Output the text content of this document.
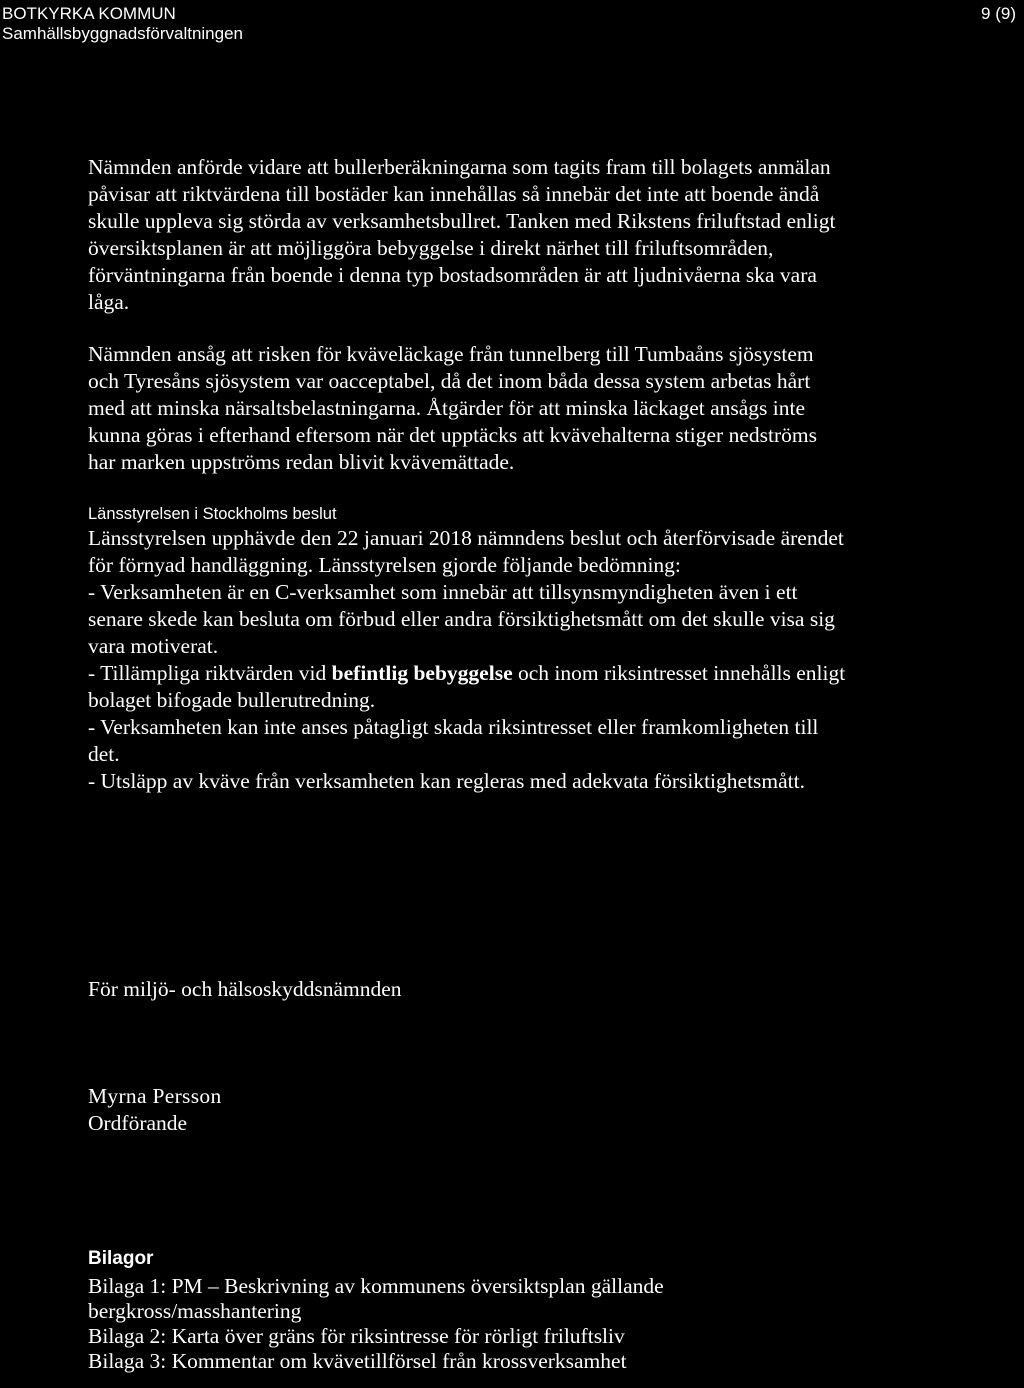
BOTKYRKA KOMMUN
Samhällsbyggnadsförvaltningen
9 (9)

Nämnden anförde vidare att bullerberäkningarna som tagits fram till bolagets anmälan påvisar att riktvärdena till bostäder kan innehållas så innebär det inte att boende ändå skulle uppleva sig störda av verksamhetsbullret. Tanken med Rikstens friluftstad enligt översiktsplanen är att möjliggöra bebyggelse i direkt närhet till friluftsområden, förväntningarna från boende i denna typ bostadsområden är att ljudnivåerna ska vara låga.

Nämnden ansåg att risken för kväveläckage från tunnelberg till Tumbaåns sjösystem och Tyresåns sjösystem var oacceptabel, då det inom båda dessa system arbetas hårt med att minska närsaltsbelastningarna. Åtgärder för att minska läckaget ansågs inte kunna göras i efterhand eftersom när det upptäcks att kvävehalterna stiger nedströms har marken uppströms redan blivit kvävemättade.

Länsstyrelsen i Stockholms beslut
Länsstyrelsen upphävde den 22 januari 2018 nämndens beslut och återförvisade ärendet för förnyad handläggning. Länsstyrelsen gjorde följande bedömning:
- Verksamheten är en C-verksamhet som innebär att tillsynsmyndigheten även i ett senare skede kan besluta om förbud eller andra försiktighetsmått om det skulle visa sig vara motiverat.
- Tillämpliga riktvärden vid befintlig bebyggelse och inom riksintresset innehålls enligt bolaget bifogade bullerutredning.
- Verksamheten kan inte anses påtagligt skada riksintresset eller framkomligheten till det.
- Utsläpp av kväve från verksamheten kan regleras med adekvata försiktighetsmått.
För miljö- och hälsoskyddsnämnden
Myrna Persson
Ordförande
Bilagor
Bilaga 1: PM – Beskrivning av kommunens översiktsplan gällande bergkross/masshantering
Bilaga 2: Karta över gräns för riksintresse för rörligt friluftsliv
Bilaga 3: Kommentar om kvävetillförsel från krossverksamhet
